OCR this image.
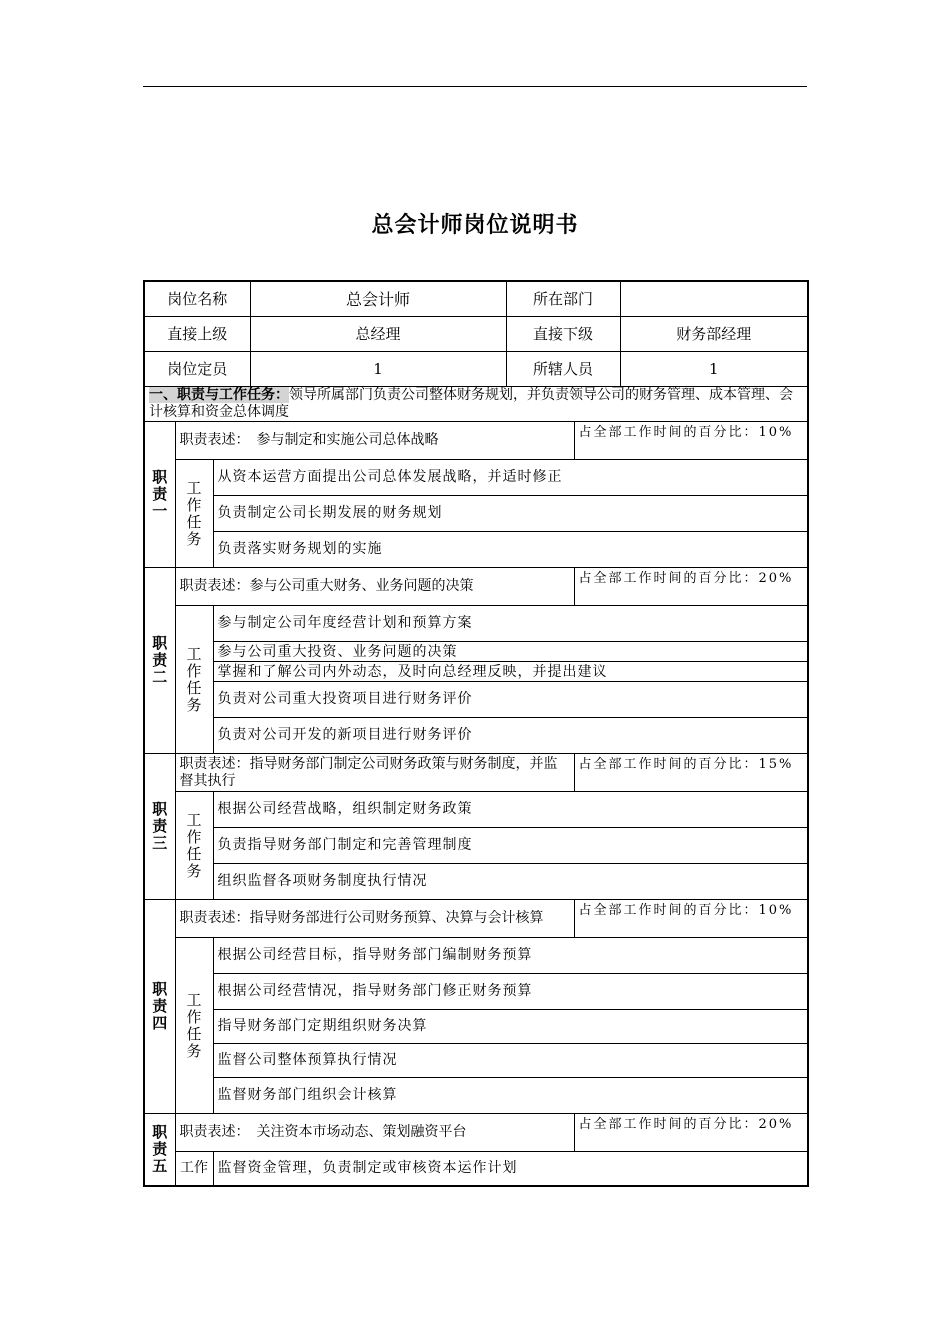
总会计师岗位说明书
岗位名称			总会计师	所在部门		
直接上级			总经理	直接下级		财务部经理
岗位定员			1	所辖人员		1
一、职责与工作任务：领导所属部门负责公司整体财务规划，并负责领导公司的财务管理、成本管理、会计核算和资金总体调度						

职责一	职责表述：　参与制定和实施公司总体战略				占全部工作时间的百分比：10%	

	工作任务	从资本运营方面提出公司总体发展战略，并适时修正				
		负责制定公司长期发展的财务规划				
		负责落实财务规划的实施				

职责二	职责表述：参与公司重大财务、业务问题的决策				占全部工作时间的百分比：20%	

	工作任务	参与制定公司年度经营计划和预算方案				
		参与公司重大投资、业务问题的决策				
		掌握和了解公司内外动态，及时向总经理反映，并提出建议				
		负责对公司重大投资项目进行财务评价				
		负责对公司开发的新项目进行财务评价				

职责三	职责表述：指导财务部门制定公司财务政策与财务制度，并监督其执行				占全部工作时间的百分比：15%	

	工作任务	根据公司经营战略，组织制定财务政策				
		负责指导财务部门制定和完善管理制度				
		组织监督各项财务制度执行情况				

职责四	职责表述：指导财务部进行公司财务预算、决算与会计核算				占全部工作时间的百分比：10%	

	工作任务	根据公司经营目标，指导财务部门编制财务预算				
		根据公司经营情况，指导财务部门修正财务预算				
		指导财务部门定期组织财务决算				
		监督公司整体预算执行情况				
		监督财务部门组织会计核算				

职责五	职责表述：　关注资本市场动态、策划融资平台				占全部工作时间的百分比：20%	
	工作	监督资金管理，负责制定或审核资本运作计划				
